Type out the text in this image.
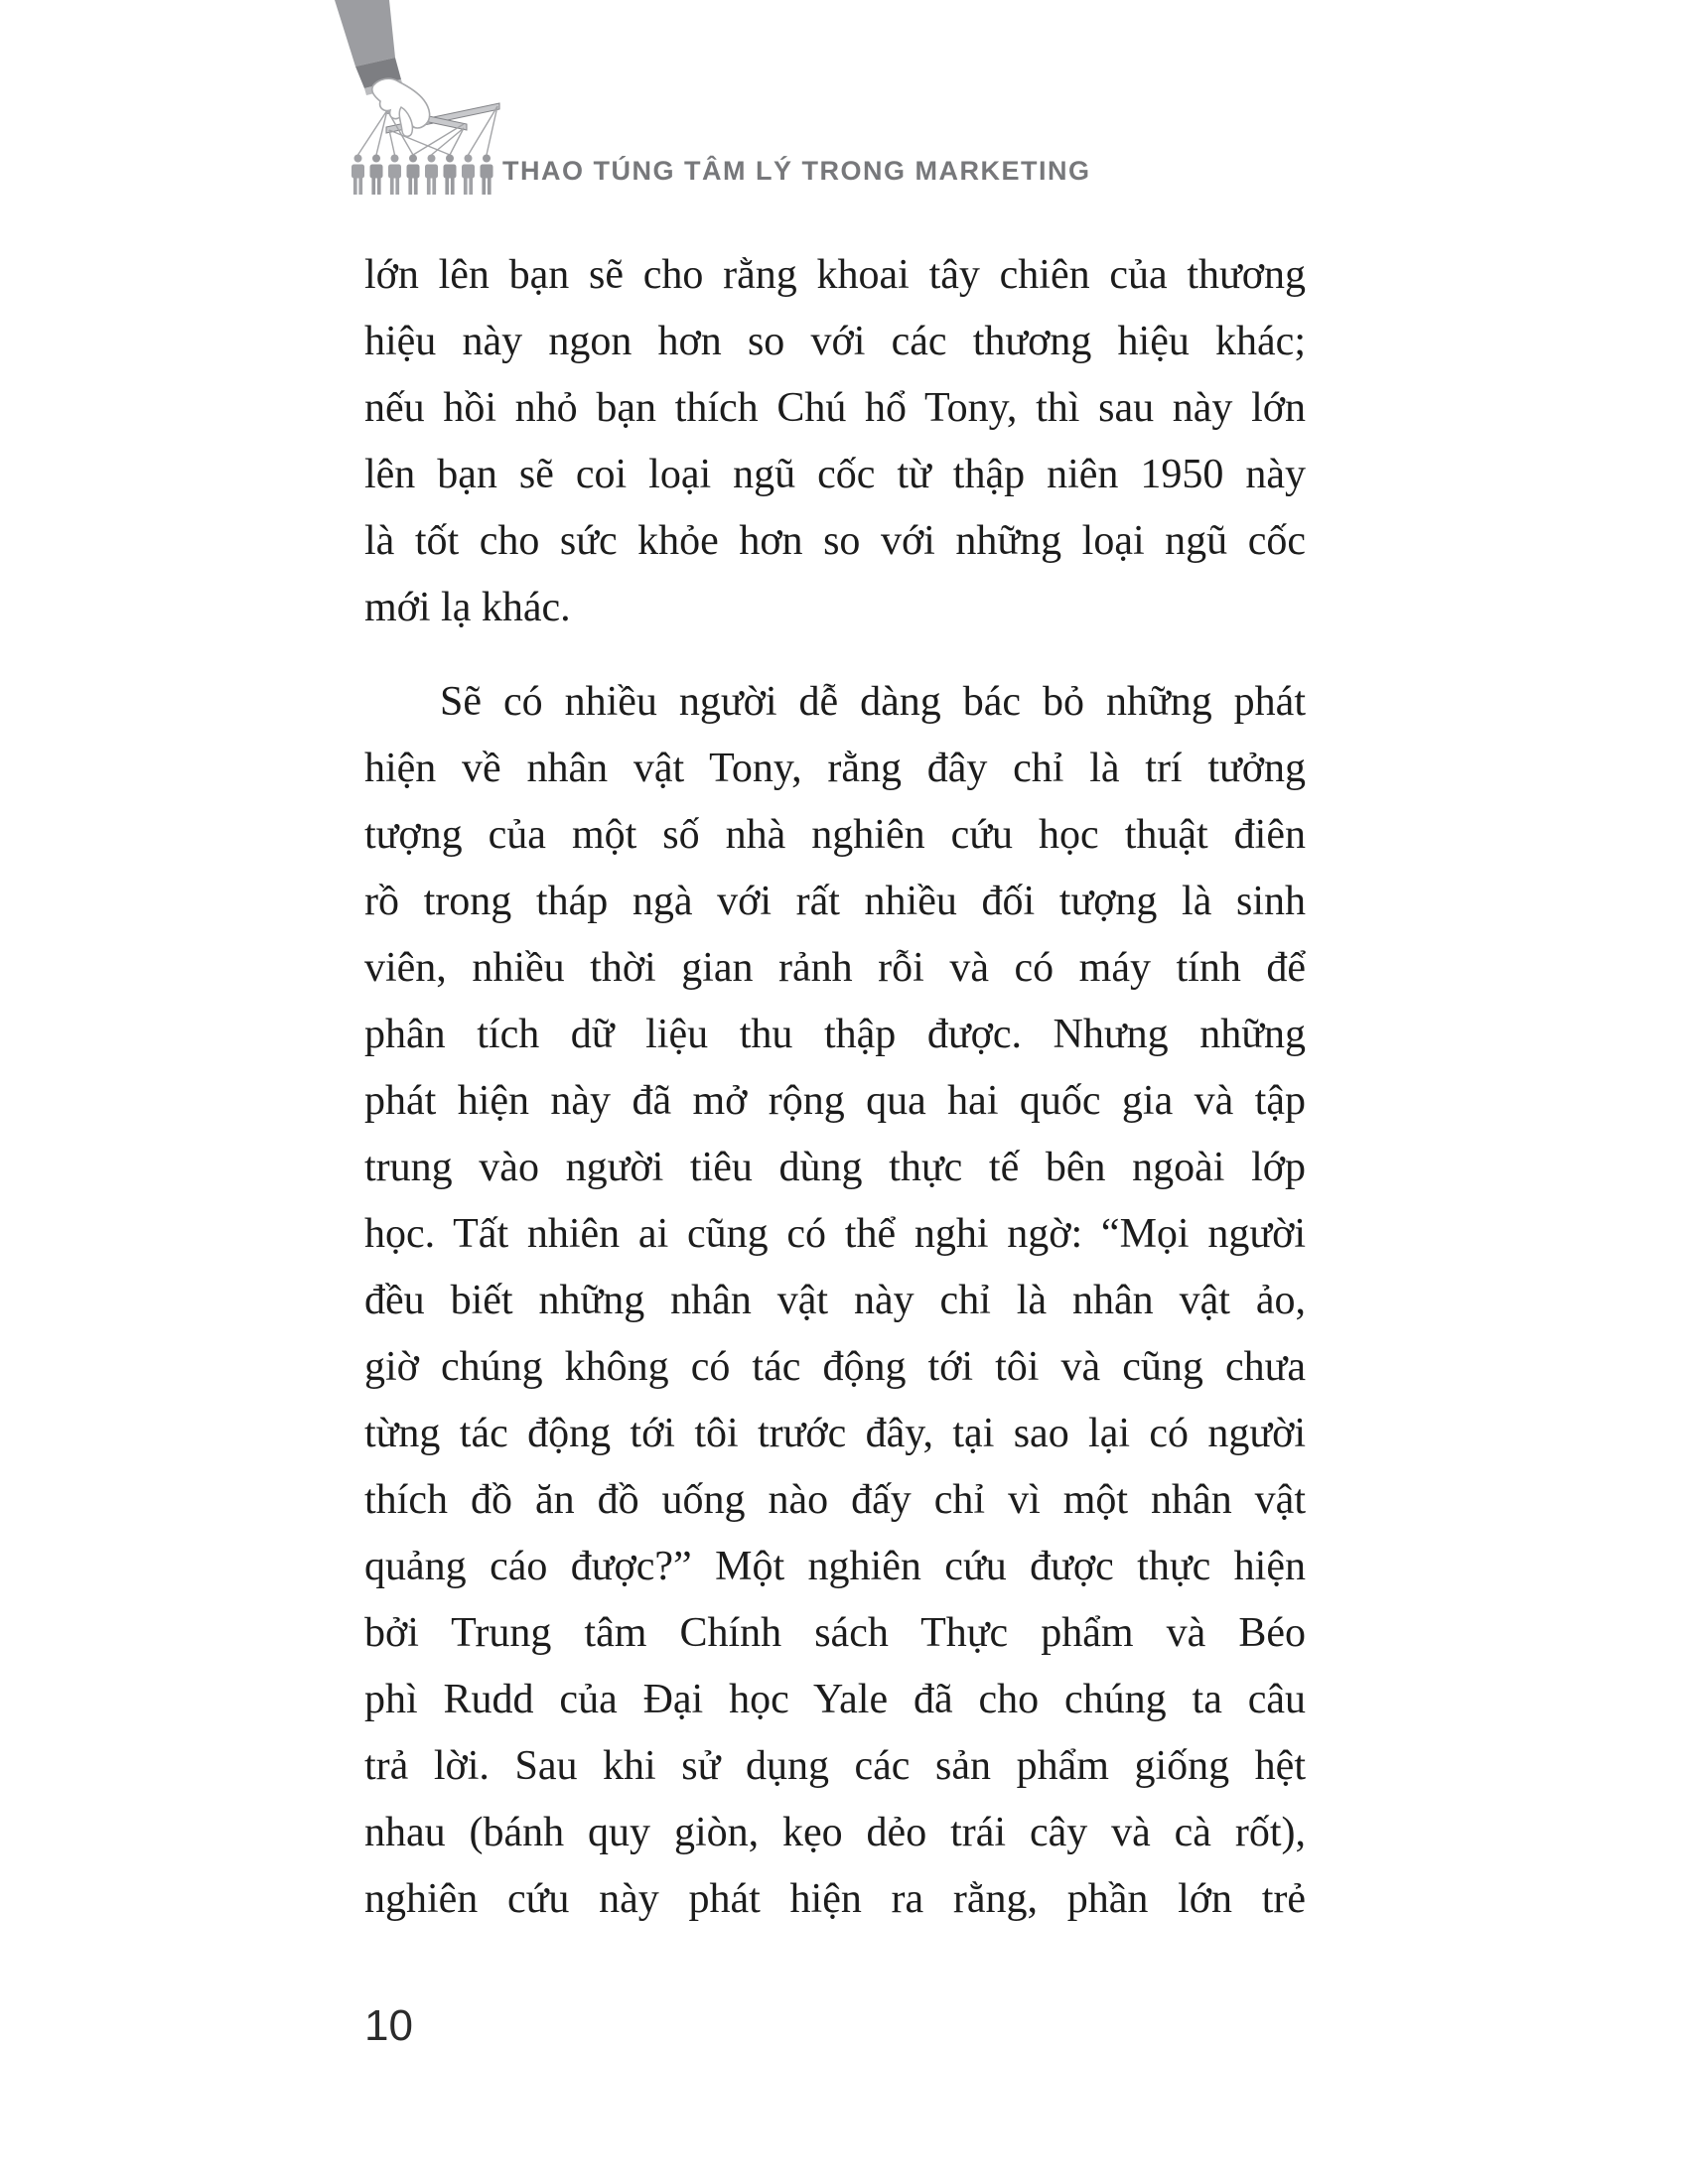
THAO TÚNG TÂM LÝ TRONG MARKETING
lớn lên bạn sẽ cho rằng khoai tây chiên của thương
hiệu này ngon hơn so với các thương hiệu khác;
nếu hồi nhỏ bạn thích Chú hổ Tony, thì sau này lớn
lên bạn sẽ coi loại ngũ cốc từ thập niên 1950 này
là tốt cho sức khỏe hơn so với những loại ngũ cốc
mới lạ khác.
Sẽ có nhiều người dễ dàng bác bỏ những phát
hiện về nhân vật Tony, rằng đây chỉ là trí tưởng
tượng của một số nhà nghiên cứu học thuật điên
rồ trong tháp ngà với rất nhiều đối tượng là sinh
viên, nhiều thời gian rảnh rỗi và có máy tính để
phân tích dữ liệu thu thập được. Nhưng những
phát hiện này đã mở rộng qua hai quốc gia và tập
trung vào người tiêu dùng thực tế bên ngoài lớp
học. Tất nhiên ai cũng có thể nghi ngờ: “Mọi người
đều biết những nhân vật này chỉ là nhân vật ảo,
giờ chúng không có tác động tới tôi và cũng chưa
từng tác động tới tôi trước đây, tại sao lại có người
thích đồ ăn đồ uống nào đấy chỉ vì một nhân vật
quảng cáo được?” Một nghiên cứu được thực hiện
bởi Trung tâm Chính sách Thực phẩm và Béo
phì Rudd của Đại học Yale đã cho chúng ta câu
trả lời. Sau khi sử dụng các sản phẩm giống hệt
nhau (bánh quy giòn, kẹo dẻo trái cây và cà rốt),
nghiên cứu này phát hiện ra rằng, phần lớn trẻ
10
